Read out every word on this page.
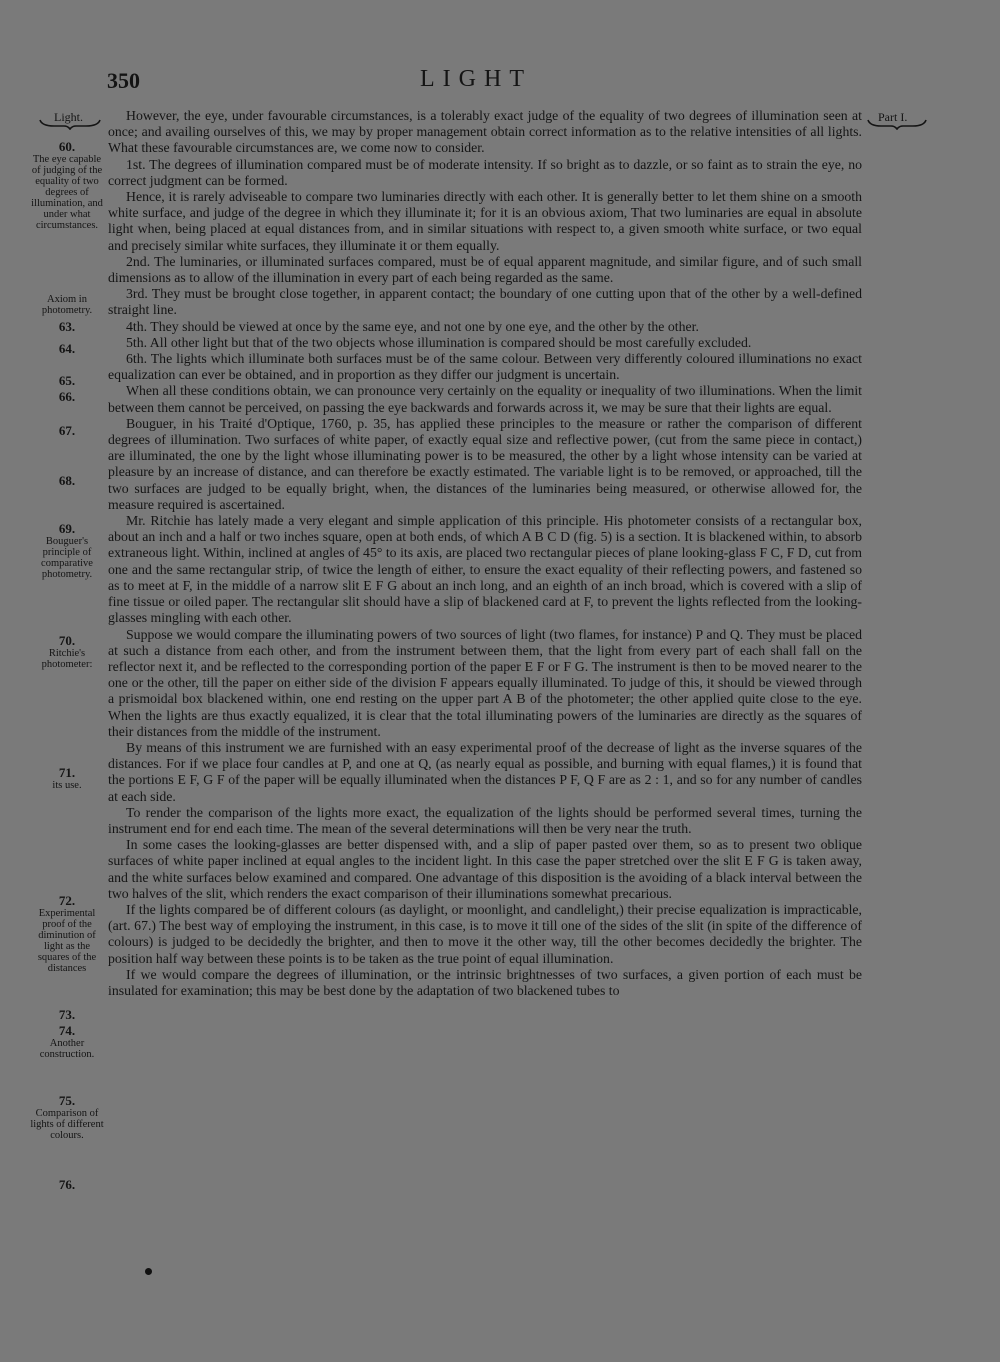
350	LIGHT
Light.	Part I.

However, the eye, under favourable circumstances, is a tolerably exact judge of the equality of two degrees of illumination seen at once; and availing ourselves of this, we may by proper management obtain correct information as to the relative intensities of all lights. What these favourable circumstances are, we come now to consider.

1st. The degrees of illumination compared must be of moderate intensity. If so bright as to dazzle, or so faint as to strain the eye, no correct judgment can be formed.

Hence, it is rarely adviseable to compare two luminaries directly with each other. It is generally better to let them shine on a smooth white surface, and judge of the degree in which they illuminate it; for it is an obvious axiom, That two luminaries are equal in absolute light when, being placed at equal distances from, and in similar situations with respect to, a given smooth white surface, or two equal and precisely similar white surfaces, they illuminate it or them equally.

2nd. The luminaries, or illuminated surfaces compared, must be of equal apparent magnitude, and similar figure, and of such small dimensions as to allow of the illumination in every part of each being regarded as the same.

3rd. They must be brought close together, in apparent contact; the boundary of one cutting upon that of the other by a well-defined straight line.

4th. They should be viewed at once by the same eye, and not one by one eye, and the other by the other.

5th. All other light but that of the two objects whose illumination is compared should be most carefully excluded.

6th. The lights which illuminate both surfaces must be of the same colour. Between very differently coloured illuminations no exact equalization can ever be obtained, and in proportion as they differ our judgment is uncertain.

When all these conditions obtain, we can pronounce very certainly on the equality or inequality of two illuminations. When the limit between them cannot be perceived, on passing the eye backwards and forwards across it, we may be sure that their lights are equal.

Bouguer, in his Traité d'Optique, 1760, p. 35, has applied these principles to the measure or rather the comparison of different degrees of illumination. Two surfaces of white paper, of exactly equal size and reflective power, (cut from the same piece in contact,) are illuminated, the one by the light whose illuminating power is to be measured, the other by a light whose intensity can be varied at pleasure by an increase of distance, and can therefore be exactly estimated. The variable light is to be removed, or approached, till the two surfaces are judged to be equally bright, when, the distances of the luminaries being measured, or otherwise allowed for, the measure required is ascertained.

Mr. Ritchie has lately made a very elegant and simple application of this principle. His photometer consists of a rectangular box, about an inch and a half or two inches square, open at both ends, of which A B C D (fig. 5) is a section. It is blackened within, to absorb extraneous light. Within, inclined at angles of 45° to its axis, are placed two rectangular pieces of plane looking-glass F C, F D, cut from one and the same rectangular strip, of twice the length of either, to ensure the exact equality of their reflecting powers, and fastened so as to meet at F, in the middle of a narrow slit E F G about an inch long, and an eighth of an inch broad, which is covered with a slip of fine tissue or oiled paper. The rectangular slit should have a slip of blackened card at F, to prevent the lights reflected from the looking-glasses mingling with each other.

Suppose we would compare the illuminating powers of two sources of light (two flames, for instance) P and Q. They must be placed at such a distance from each other, and from the instrument between them, that the light from every part of each shall fall on the reflector next it, and be reflected to the corresponding portion of the paper E F or F G. The instrument is then to be moved nearer to the one or the other, till the paper on either side of the division F appears equally illuminated. To judge of this, it should be viewed through a prismoidal box blackened within, one end resting on the upper part A B of the photometer; the other applied quite close to the eye. When the lights are thus exactly equalized, it is clear that the total illuminating powers of the luminaries are directly as the squares of their distances from the middle of the instrument.

By means of this instrument we are furnished with an easy experimental proof of the decrease of light as the inverse squares of the distances. For if we place four candles at P, and one at Q, (as nearly equal as possible, and burning with equal flames,) it is found that the portions E F, G F of the paper will be equally illuminated when the distances P F, Q F are as 2 : 1, and so for any number of candles at each side.

To render the comparison of the lights more exact, the equalization of the lights should be performed several times, turning the instrument end for end each time. The mean of the several determinations will then be very near the truth.

In some cases the looking-glasses are better dispensed with, and a slip of paper pasted over them, so as to present two oblique surfaces of white paper inclined at equal angles to the incident light. In this case the paper stretched over the slit E F G is taken away, and the white surfaces below examined and compared. One advantage of this disposition is the avoiding of a black interval between the two halves of the slit, which renders the exact comparison of their illuminations somewhat precarious.

If the lights compared be of different colours (as daylight, or moonlight, and candlelight,) their precise equalization is impracticable, (art. 67.) The best way of employing the instrument, in this case, is to move it till one of the sides of the slit (in spite of the difference of colours) is judged to be decidedly the brighter, and then to move it the other way, till the other becomes decidedly the brighter. The position half way between these points is to be taken as the true point of equal illumination.

If we would compare the degrees of illumination, or the intrinsic brightnesses of two surfaces, a given portion of each must be insulated for examination; this may be best done by the adaptation of two blackened tubes to

60.
The eye capable of judging of the equality of two degrees of illumination, and under what circumstances.
Axiom in photometry.
63.
64.
65.
66.
67.
68.
69.
Bouguer's principle of comparative photometry.
70.
Ritchie's photometer:
71.
its use.
72.
Experimental proof of the diminution of light as the squares of the distances
73.
74.
Another construction.
75.
Comparison of lights of different colours.
76.
